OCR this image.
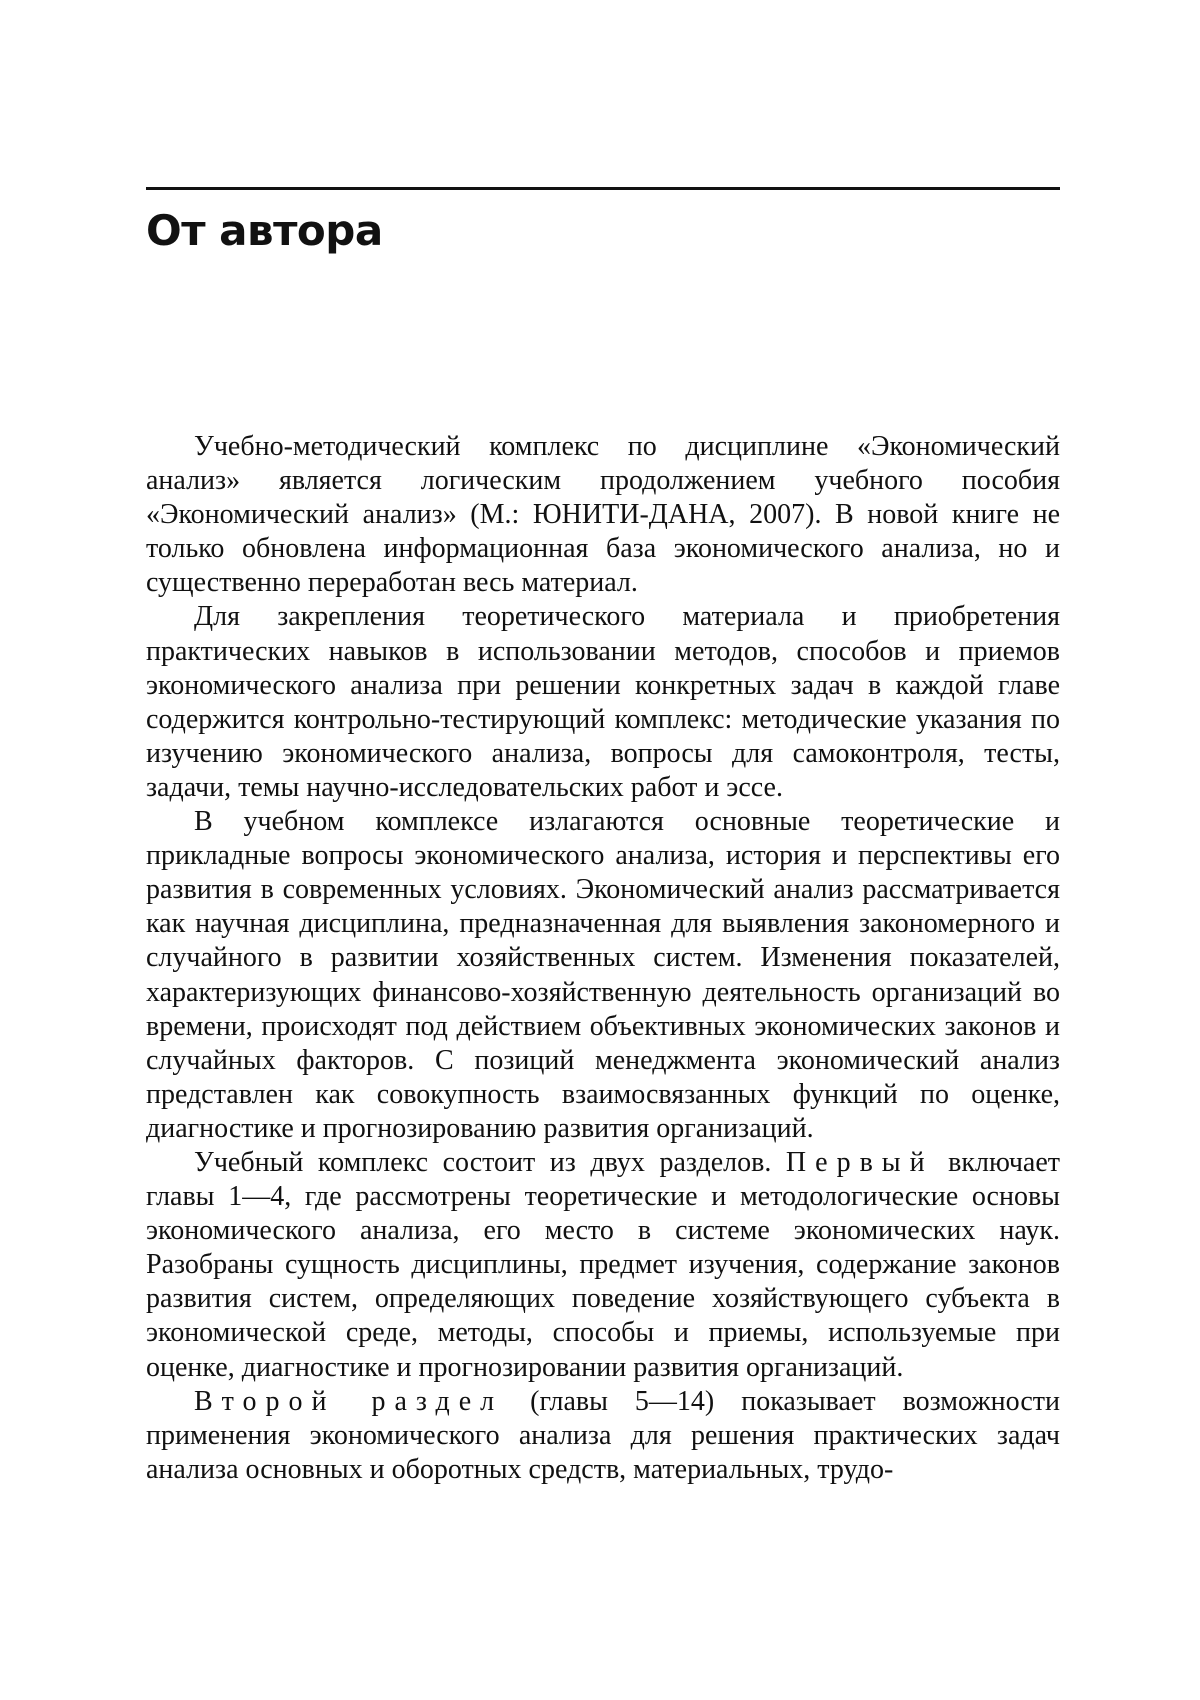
От автора

Учебно-методический комплекс по дисциплине «Экономический анализ» является логическим продолжением учебного пособия «Экономический анализ» (М.: ЮНИТИ-ДАНА, 2007). В новой книге не только обновлена информационная база экономического анализа, но и существенно переработан весь материал.

Для закрепления теоретического материала и приобретения практических навыков в использовании методов, способов и приемов экономического анализа при решении конкретных задач в каждой главе содержится контрольно-тестирующий комплекс: методические указания по изучению экономического анализа, вопросы для самоконтроля, тесты, задачи, темы научно-исследовательских работ и эссе.

В учебном комплексе излагаются основные теоретические и прикладные вопросы экономического анализа, история и перспективы его развития в современных условиях. Экономический анализ рассматривается как научная дисциплина, предназначенная для выявления закономерного и случайного в развитии хозяйственных систем. Изменения показателей, характеризующих финансово-хозяйственную деятельность организаций во времени, происходят под действием объективных экономических законов и случайных факторов. С позиций менеджмента экономический анализ представлен как совокупность взаимосвязанных функций по оценке, диагностике и прогнозированию развития организаций.

Учебный комплекс состоит из двух разделов. Первый включает главы 1—4, где рассмотрены теоретические и методологические основы экономического анализа, его место в системе экономических наук. Разобраны сущность дисциплины, предмет изучения, содержание законов развития систем, определяющих поведение хозяйствующего субъекта в экономической среде, методы, способы и приемы, используемые при оценке, диагностике и прогнозировании развития организаций.

Второй раздел (главы 5—14) показывает возможности применения экономического анализа для решения практических задач анализа основных и оборотных средств, материальных, трудо-
